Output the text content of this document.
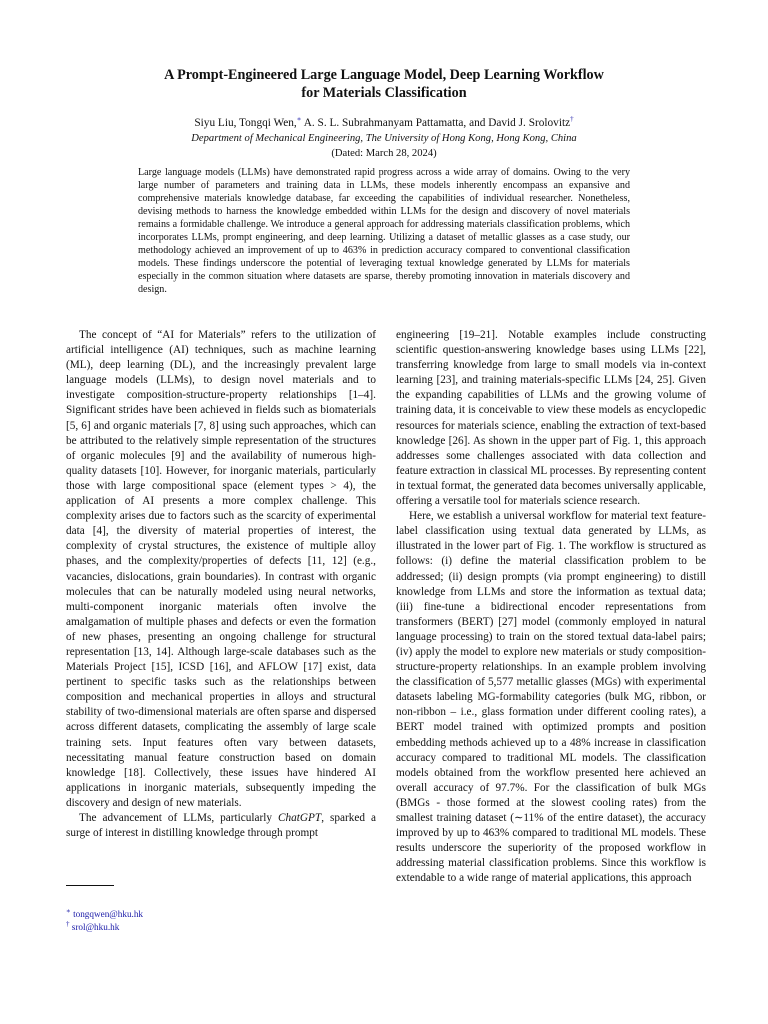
A Prompt-Engineered Large Language Model, Deep Learning Workflow
for Materials Classification
Siyu Liu, Tongqi Wen,∗ A. S. L. Subrahmanyam Pattamatta, and David J. Srolovitz†
Department of Mechanical Engineering, The University of Hong Kong, Hong Kong, China
(Dated: March 28, 2024)
Large language models (LLMs) have demonstrated rapid progress across a wide array of domains. Owing to the very large number of parameters and training data in LLMs, these models inherently encompass an expansive and comprehensive materials knowledge database, far exceeding the capabilities of individual researcher. Nonetheless, devising methods to harness the knowledge embedded within LLMs for the design and discovery of novel materials remains a formidable challenge. We introduce a general approach for addressing materials classification problems, which incorporates LLMs, prompt engineering, and deep learning. Utilizing a dataset of metallic glasses as a case study, our methodology achieved an improvement of up to 463% in prediction accuracy compared to conventional classification models. These findings underscore the potential of leveraging textual knowledge generated by LLMs for materials especially in the common situation where datasets are sparse, thereby promoting innovation in materials discovery and design.

The concept of “AI for Materials” refers to the utilization of artificial intelligence (AI) techniques, such as machine learning (ML), deep learning (DL), and the increasingly prevalent large language models (LLMs), to design novel materials and to investigate composition-structure-property relationships [1–4]. Significant strides have been achieved in fields such as biomaterials [5, 6] and organic materials [7, 8] using such approaches, which can be attributed to the relatively simple representation of the structures of organic molecules [9] and the availability of numerous high-quality datasets [10]. However, for inorganic materials, particularly those with large compositional space (element types > 4), the application of AI presents a more complex challenge. This complexity arises due to factors such as the scarcity of experimental data [4], the diversity of material properties of interest, the complexity of crystal structures, the existence of multiple alloy phases, and the complexity/properties of defects [11, 12] (e.g., vacancies, dislocations, grain boundaries). In contrast with organic molecules that can be naturally modeled using neural networks, multi-component inorganic materials often involve the amalgamation of multiple phases and defects or even the formation of new phases, presenting an ongoing challenge for structural representation [13, 14]. Although large-scale databases such as the Materials Project [15], ICSD [16], and AFLOW [17] exist, data pertinent to specific tasks such as the relationships between composition and mechanical properties in alloys and structural stability of two-dimensional materials are often sparse and dispersed across different datasets, complicating the assembly of large scale training sets. Input features often vary between datasets, necessitating manual feature construction based on domain knowledge [18]. Collectively, these issues have hindered AI applications in inorganic materials, subsequently impeding the discovery and design of new materials.

The advancement of LLMs, particularly ChatGPT, sparked a surge of interest in distilling knowledge through prompt

engineering [19–21]. Notable examples include constructing scientific question-answering knowledge bases using LLMs [22], transferring knowledge from large to small models via in-context learning [23], and training materials-specific LLMs [24, 25]. Given the expanding capabilities of LLMs and the growing volume of training data, it is conceivable to view these models as encyclopedic resources for materials science, enabling the extraction of text-based knowledge [26]. As shown in the upper part of Fig. 1, this approach addresses some challenges associated with data collection and feature extraction in classical ML processes. By representing content in textual format, the generated data becomes universally applicable, offering a versatile tool for materials science research.

Here, we establish a universal workflow for material text feature-label classification using textual data generated by LLMs, as illustrated in the lower part of Fig. 1. The workflow is structured as follows: (i) define the material classification problem to be addressed; (ii) design prompts (via prompt engineering) to distill knowledge from LLMs and store the information as textual data; (iii) fine-tune a bidirectional encoder representations from transformers (BERT) [27] model (commonly employed in natural language processing) to train on the stored textual data-label pairs; (iv) apply the model to explore new materials or study composition-structure-property relationships. In an example problem involving the classification of 5,577 metallic glasses (MGs) with experimental datasets labeling MG-formability categories (bulk MG, ribbon, or non-ribbon – i.e., glass formation under different cooling rates), a BERT model trained with optimized prompts and position embedding methods achieved up to a 48% increase in classification accuracy compared to traditional ML models. The classification models obtained from the workflow presented here achieved an overall accuracy of 97.7%. For the classification of bulk MGs (BMGs - those formed at the slowest cooling rates) from the smallest training dataset (∼11% of the entire dataset), the accuracy improved by up to 463% compared to traditional ML models. These results underscore the superiority of the proposed workflow in addressing material classification problems. Since this workflow is extendable to a wide range of material applications, this approach

∗ tongqwen@hku.hk
† srol@hku.hk
